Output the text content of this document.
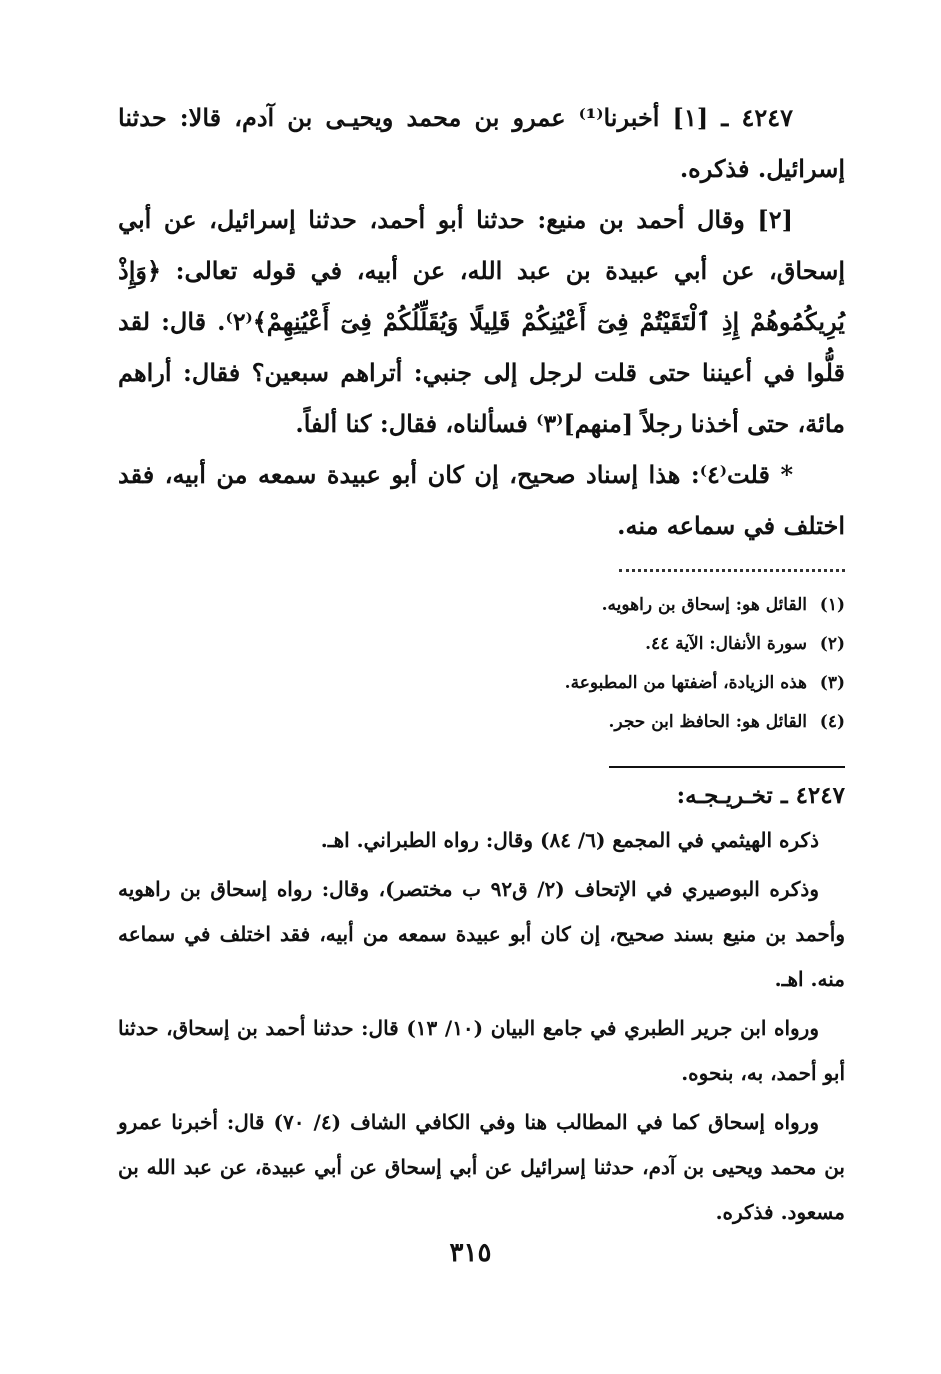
٤٢٤٧ ـ [١] أخبرنا⁽¹⁾ عمرو بن محمد ويحيـى بن آدم، قالا: حدثنا إسرائيل. فذكره.

[٢] وقال أحمد بن منيع: حدثنا أبو أحمد، حدثنا إسرائيل، عن أبي إسحاق، عن أبي عبيدة بن عبد الله، عن أبيه، في قوله تعالى: ﴿وَإِذْ يُرِيكُمُوهُمْ إِذِ ٱلْتَقَيْتُمْ فِىٓ أَعْيُنِكُمْ قَلِيلًا وَيُقَلِّلُكُمْ فِىٓ أَعْيُنِهِمْ﴾⁽٢⁾. قال: لقد قلُّوا في أعيننا حتى قلت لرجل إلى جنبي: أتراهم سبعين؟ فقال: أراهم مائة، حتى أخذنا رجلاً [منهم]⁽٣⁾ فسألناه، فقال: كنا ألفاً.

* قلت⁽٤⁾: هذا إسناد صحيح، إن كان أبو عبيدة سمعه من أبيه، فقد اختلف في سماعه منه.

(١)القائل هو: إسحاق بن راهويه.
(٢)سورة الأنفال: الآية ٤٤.
(٣)هذه الزيادة، أضفتها من المطبوعة.
(٤)القائل هو: الحافظ ابن حجر.
٤٢٤٧ ـ تخـريـجـه:

ذكره الهيثمي في المجمع (٦/ ٨٤) وقال: رواه الطبراني. اهـ.

وذكره البوصيري في الإتحاف (٢/ ق٩٢ ب مختصر)، وقال: رواه إسحاق بن راهويه وأحمد بن منيع بسند صحيح، إن كان أبو عبيدة سمعه من أبيه، فقد اختلف في سماعه منه. اهـ.

ورواه ابن جرير الطبري في جامع البيان (١٠/ ١٣) قال: حدثنا أحمد بن إسحاق، حدثنا أبو أحمد، به، بنحوه.

ورواه إسحاق كما في المطالب هنا وفي الكافي الشاف (٤/ ٧٠) قال: أخبرنا عمرو بن محمد ويحيى بن آدم، حدثنا إسرائيل عن أبي إسحاق عن أبي عبيدة، عن عبد الله بن مسعود. فذكره.

٣١٥
